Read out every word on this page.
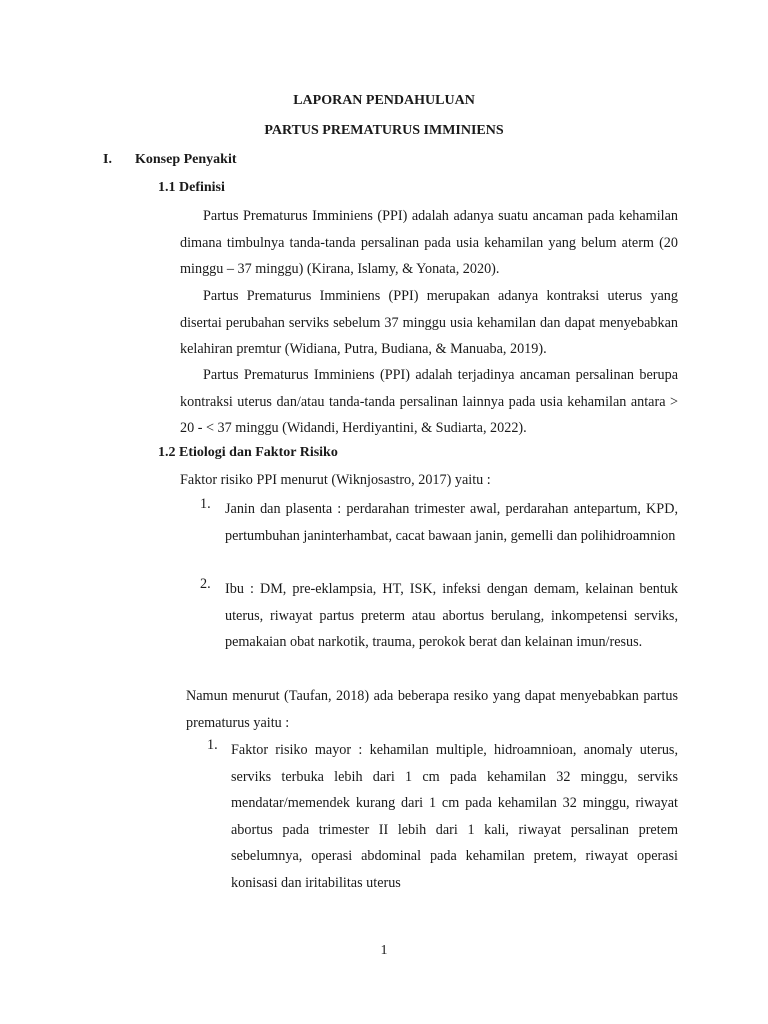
LAPORAN PENDAHULUAN
PARTUS PREMATURUS IMMINIENS
I. Konsep Penyakit
1.1 Definisi
Partus Prematurus Imminiens (PPI) adalah adanya suatu ancaman pada kehamilan dimana timbulnya tanda-tanda persalinan pada usia kehamilan yang belum aterm (20 minggu – 37 minggu) (Kirana, Islamy, & Yonata, 2020).
Partus Prematurus Imminiens (PPI) merupakan adanya kontraksi uterus yang disertai perubahan serviks sebelum 37 minggu usia kehamilan dan dapat menyebabkan kelahiran premtur (Widiana, Putra, Budiana, & Manuaba, 2019).
Partus Prematurus Imminiens (PPI) adalah terjadinya ancaman persalinan berupa kontraksi uterus dan/atau tanda-tanda persalinan lainnya pada usia kehamilan antara > 20 - < 37 minggu (Widandi, Herdiyantini, & Sudiarta, 2022).
1.2 Etiologi dan Faktor Risiko
Faktor risiko PPI menurut (Wiknjosastro, 2017) yaitu :
1. Janin dan plasenta : perdarahan trimester awal, perdarahan antepartum, KPD, pertumbuhan janinterhambat, cacat bawaan janin, gemelli dan polihidroamnion
2. Ibu : DM, pre-eklampsia, HT, ISK, infeksi dengan demam, kelainan bentuk uterus, riwayat partus preterm atau abortus berulang, inkompetensi serviks, pemakaian obat narkotik, trauma, perokok berat dan kelainan imun/resus.
Namun menurut (Taufan, 2018) ada beberapa resiko yang dapat menyebabkan partus prematurus yaitu :
1. Faktor risiko mayor : kehamilan multiple, hidroamnioan, anomaly uterus, serviks terbuka lebih dari 1 cm pada kehamilan 32 minggu, serviks mendatar/memendek kurang dari 1 cm pada kehamilan 32 minggu, riwayat abortus pada trimester II lebih dari 1 kali, riwayat persalinan pretem sebelumnya, operasi abdominal pada kehamilan pretem, riwayat operasi konisasi dan iritabilitas uterus
1
